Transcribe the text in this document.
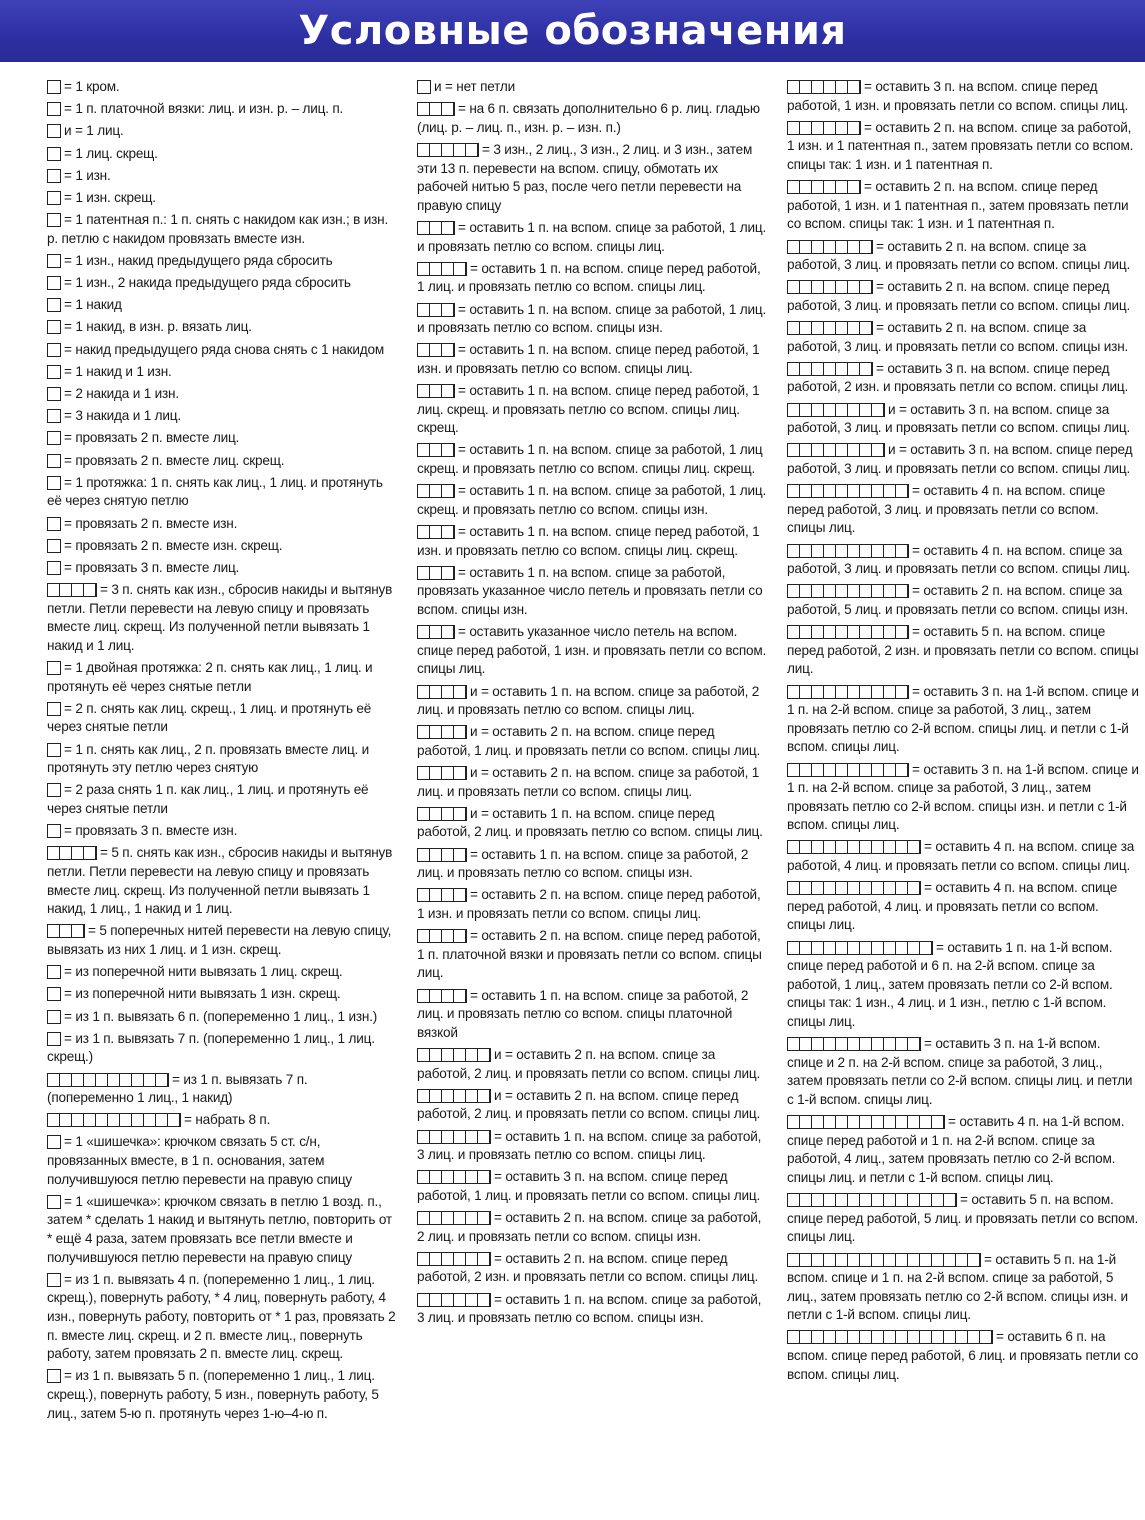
Условные обозначения
= 1 кром.
= 1 п. платочной вязки: лиц. и изн. р. – лиц. п.
и = 1 лиц.
= 1 лиц. скрещ.
= 1 изн.
= 1 изн. скрещ.
= 1 патентная п.: 1 п. снять с накидом как изн.; в изн. р. петлю с накидом провязать вместе изн.
= 1 изн., накид предыдущего ряда сбросить
= 1 изн., 2 накида предыдущего ряда сбросить
= 1 накид
= 1 накид, в изн. р. вязать лиц.
= накид предыдущего ряда снова снять с 1 накидом
= 1 накид и 1 изн.
= 2 накида и 1 изн.
= 3 накида и 1 лиц.
= провязать 2 п. вместе лиц.
= провязать 2 п. вместе лиц. скрещ.
= 1 протяжка: 1 п. снять как лиц., 1 лиц. и протянуть её через снятую петлю
= провязать 2 п. вместе изн.
= провязать 2 п. вместе изн. скрещ.
= провязать 3 п. вместе лиц.
= 3 п. снять как изн., сбросив накиды и вытянув петли. Петли перевести на левую спицу и провязать вместе лиц. скрещ. Из полученной петли вывязать 1 накид и 1 лиц.
= 1 двойная протяжка: 2 п. снять как лиц., 1 лиц. и протянуть её через снятые петли
= 2 п. снять как лиц. скрещ., 1 лиц. и протянуть её через снятые петли
= 1 п. снять как лиц., 2 п. провязать вместе лиц. и протянуть эту петлю через снятую
= 2 раза снять 1 п. как лиц., 1 лиц. и протянуть её через снятые петли
= провязать 3 п. вместе изн.
= 5 п. снять как изн., сбросив накиды и вытянув петли. Петли перевести на левую спицу и провязать вместе лиц. скрещ. Из полученной петли вывязать 1 накид, 1 лиц., 1 накид и 1 лиц.
= 5 поперечных нитей перевести на левую спицу, вывязать из них 1 лиц. и 1 изн. скрещ.
= из поперечной нити вывязать 1 лиц. скрещ.
= из поперечной нити вывязать 1 изн. скрещ.
= из 1 п. вывязать 6 п. (попеременно 1 лиц., 1 изн.)
= из 1 п. вывязать 7 п. (попеременно 1 лиц., 1 лиц. скрещ.)
= из 1 п. вывязать 7 п. (попеременно 1 лиц., 1 накид)
= набрать 8 п.
= 1 «шишечка»: крючком связать 5 ст. с/н, провязанных вместе, в 1 п. основания, затем получившуюся петлю перевести на правую спицу
= 1 «шишечка»: крючком связать в петлю 1 возд. п., затем * сделать 1 накид и вытянуть петлю, повторить от * ещё 4 раза, затем провязать все петли вместе и получившуюся петлю перевести на правую спицу
= из 1 п. вывязать 4 п. (попеременно 1 лиц., 1 лиц. скрещ.), повернуть работу, * 4 лиц, повернуть работу, 4 изн., повернуть работу, повторить от * 1 раз, провязать 2 п. вместе лиц. скрещ. и 2 п. вместе лиц., повернуть работу, затем провязать 2 п. вместе лиц. скрещ.
= из 1 п. вывязать 5 п. (попеременно 1 лиц., 1 лиц. скрещ.), повернуть работу, 5 изн., повернуть работу, 5 лиц., затем 5-ю п. протянуть через 1-ю–4-ю п.
и = нет петли
= на 6 п. связать дополнительно 6 р. лиц. гладью (лиц. р. – лиц. п., изн. р. – изн. п.)
= 3 изн., 2 лиц., 3 изн., 2 лиц. и 3 изн., затем эти 13 п. перевести на вспом. спицу, обмотать их рабочей нитью 5 раз, после чего петли перевести на правую спицу
= оставить 1 п. на вспом. спице за работой, 1 лиц. и провязать петлю со вспом. спицы лиц.
= оставить 1 п. на вспом. спице перед работой, 1 лиц. и провязать петлю со вспом. спицы лиц.
= оставить 1 п. на вспом. спице за работой, 1 лиц. и провязать петлю со вспом. спицы изн.
= оставить 1 п. на вспом. спице перед работой, 1 изн. и провязать петлю со вспом. спицы лиц.
= оставить 1 п. на вспом. спице перед работой, 1 лиц. скрещ. и провязать петлю со вспом. спицы лиц. скрещ.
= оставить 1 п. на вспом. спице за работой, 1 лиц скрещ. и провязать петлю со вспом. спицы лиц. скрещ.
= оставить 1 п. на вспом. спице за работой, 1 лиц. скрещ. и провязать петлю со вспом. спицы изн.
= оставить 1 п. на вспом. спице перед работой, 1 изн. и провязать петлю со вспом. спицы лиц. скрещ.
= оставить 1 п. на вспом. спице за работой, провязать указанное число петель и провязать петли со вспом. спицы изн.
= оставить указанное число петель на вспом. спице перед работой, 1 изн. и провязать петли со вспом. спицы лиц.
и = оставить 1 п. на вспом. спице за работой, 2 лиц. и провязать петлю со вспом. спицы лиц.
и = оставить 2 п. на вспом. спице перед работой, 1 лиц. и провязать петли со вспом. спицы лиц.
и = оставить 2 п. на вспом. спице за работой, 1 лиц. и провязать петли со вспом. спицы лиц.
и = оставить 1 п. на вспом. спице перед работой, 2 лиц. и провязать петлю со вспом. спицы лиц.
= оставить 1 п. на вспом. спице за работой, 2 лиц. и провязать петлю со вспом. спицы изн.
= оставить 2 п. на вспом. спице перед работой, 1 изн. и провязать петли со вспом. спицы лиц.
= оставить 2 п. на вспом. спице перед работой, 1 п. платочной вязки и провязать петли со вспом. спицы лиц.
= оставить 1 п. на вспом. спице за работой, 2 лиц. и провязать петлю со вспом. спицы платочной вязкой
и = оставить 2 п. на вспом. спице за работой, 2 лиц. и провязать петли со вспом. спицы лиц.
и = оставить 2 п. на вспом. спице перед работой, 2 лиц. и провязать петли со вспом. спицы лиц.
= оставить 1 п. на вспом. спице за работой, 3 лиц. и провязать петлю со вспом. спицы лиц.
= оставить 3 п. на вспом. спице перед работой, 1 лиц. и провязать петли со вспом. спицы лиц.
= оставить 2 п. на вспом. спице за работой, 2 лиц. и провязать петли со вспом. спицы изн.
= оставить 2 п. на вспом. спице перед работой, 2 изн. и провязать петли со вспом. спицы лиц.
= оставить 1 п. на вспом. спице за работой, 3 лиц. и провязать петлю со вспом. спицы изн.
= оставить 3 п. на вспом. спице перед работой, 1 изн. и провязать петли со вспом. спицы лиц.
= оставить 2 п. на вспом. спице за работой, 1 изн. и 1 патентная п., затем провязать петли со вспом. спицы так: 1 изн. и 1 патентная п.
= оставить 2 п. на вспом. спице перед работой, 1 изн. и 1 патентная п., затем провязать петли со вспом. спицы так: 1 изн. и 1 патентная п.
= оставить 2 п. на вспом. спице за работой, 3 лиц. и провязать петли со вспом. спицы лиц.
= оставить 2 п. на вспом. спице перед работой, 3 лиц. и провязать петли со вспом. спицы лиц.
= оставить 2 п. на вспом. спице за работой, 3 лиц. и провязать петли со вспом. спицы изн.
= оставить 3 п. на вспом. спице перед работой, 2 изн. и провязать петли со вспом. спицы лиц.
и = оставить 3 п. на вспом. спице за работой, 3 лиц. и провязать петли со вспом. спицы лиц.
и = оставить 3 п. на вспом. спице перед работой, 3 лиц. и провязать петли со вспом. спицы лиц.
= оставить 4 п. на вспом. спице перед работой, 3 лиц. и провязать петли со вспом. спицы лиц.
= оставить 4 п. на вспом. спице за работой, 3 лиц. и провязать петли со вспом. спицы лиц.
= оставить 2 п. на вспом. спице за работой, 5 лиц. и провязать петли со вспом. спицы изн.
= оставить 5 п. на вспом. спице перед работой, 2 изн. и провязать петли со вспом. спицы лиц.
= оставить 3 п. на 1-й вспом. спице и 1 п. на 2-й вспом. спице за работой, 3 лиц., затем провязать петлю со 2-й вспом. спицы лиц. и петли с 1-й вспом. спицы лиц.
= оставить 3 п. на 1-й вспом. спице и 1 п. на 2-й вспом. спице за работой, 3 лиц., затем провязать петлю со 2-й вспом. спицы изн. и петли с 1-й вспом. спицы лиц.
= оставить 4 п. на вспом. спице за работой, 4 лиц. и провязать петли со вспом. спицы лиц.
= оставить 4 п. на вспом. спице перед работой, 4 лиц. и провязать петли со вспом. спицы лиц.
= оставить 1 п. на 1-й вспом. спице перед работой и 6 п. на 2-й вспом. спице за работой, 1 лиц., затем провязать петли со 2-й вспом. спицы так: 1 изн., 4 лиц. и 1 изн., петлю с 1-й вспом. спицы лиц.
= оставить 3 п. на 1-й вспом. спице и 2 п. на 2-й вспом. спице за работой, 3 лиц., затем провязать петли со 2-й вспом. спицы лиц. и петли с 1-й вспом. спицы лиц.
= оставить 4 п. на 1-й вспом. спице перед работой и 1 п. на 2-й вспом. спице за работой, 4 лиц., затем провязать петлю со 2-й вспом. спицы лиц. и петли с 1-й вспом. спицы лиц.
= оставить 5 п. на вспом. спице перед работой, 5 лиц. и провязать петли со вспом. спицы лиц.
= оставить 5 п. на 1-й вспом. спице и 1 п. на 2-й вспом. спице за работой, 5 лиц., затем провязать петлю со 2-й вспом. спицы изн. и петли с 1-й вспом. спицы лиц.
= оставить 6 п. на вспом. спице перед работой, 6 лиц. и провязать петли со вспом. спицы лиц.
